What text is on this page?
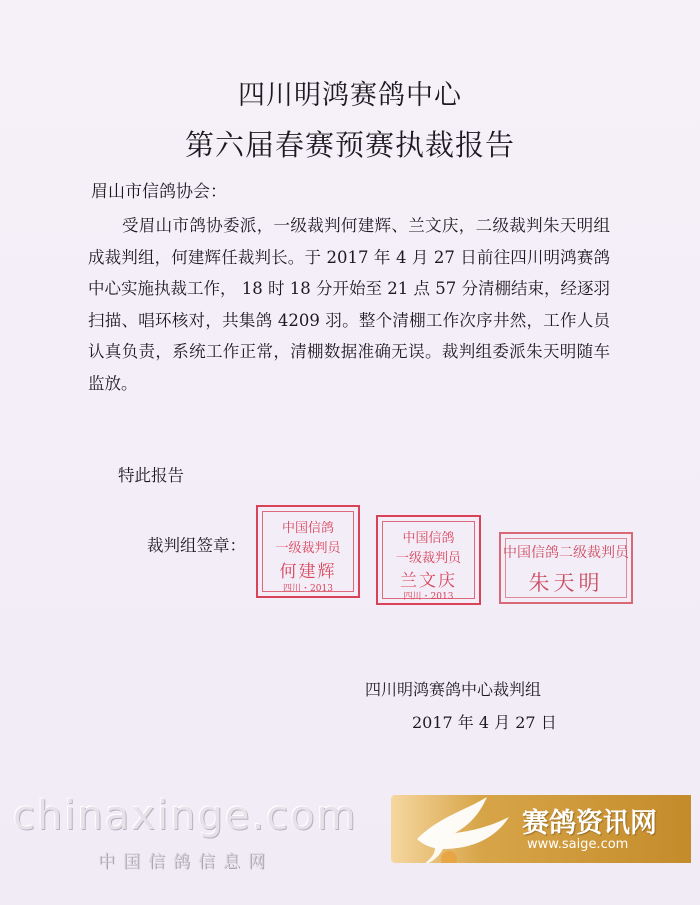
四川明鸿赛鸽中心
第六届春赛预赛执裁报告
眉山市信鸽协会：

受眉山市鸽协委派，一级裁判何建辉、兰文庆，二级裁判朱天明组成裁判组，何建辉任裁判长。于 2017 年 4 月 27 日前往四川明鸿赛鸽中心实施执裁工作， 18 时 18 分开始至 21 点 57 分清棚结束，经逐羽扫描、唱环核对，共集鸽 4209 羽。整个清棚工作次序井然，工作人员认真负责，系统工作正常，清棚数据准确无误。裁判组委派朱天明随车监放。

特此报告
裁判组签章：
中国信鸽
一级裁判员
何建辉
四川・2013
中国信鸽
一级裁判员
兰文庆
四川・2013
中国信鸽二级裁判员
朱天明
四川明鸿赛鸽中心裁判组
2017 年 4 月 27 日
chinaxinge.com
中国信鸽信息网
赛鸽资讯网
www.saige.com
